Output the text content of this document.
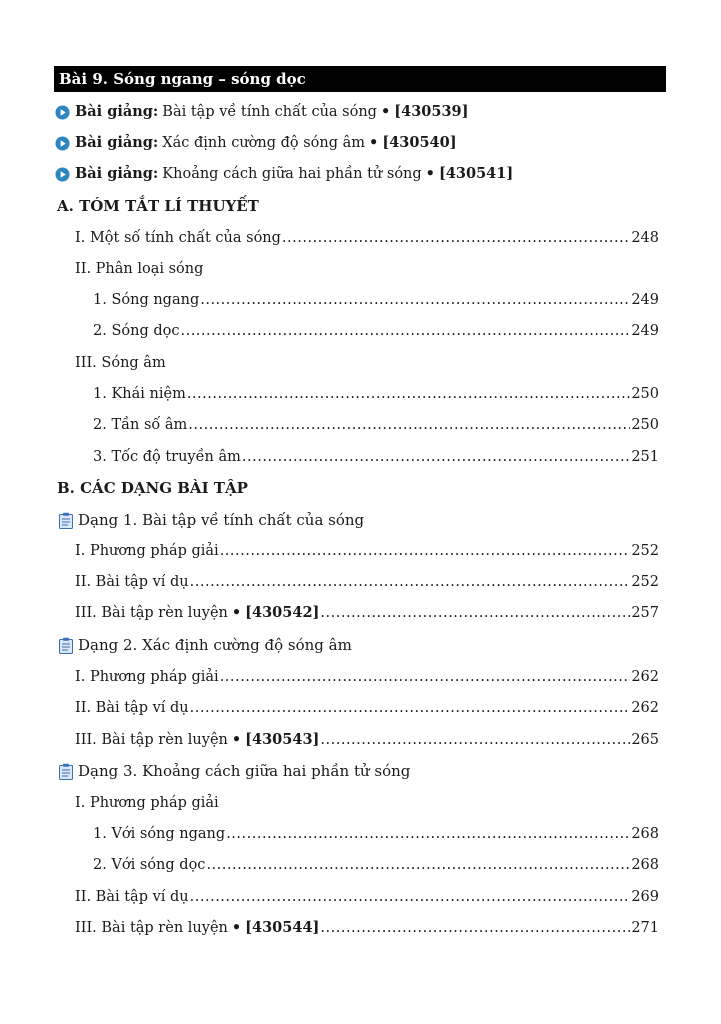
Bài 9. Sóng ngang – sóng dọc
Bài giảng: Bài tập về tính chất của sóng • [430539]
Bài giảng: Xác định cường độ sóng âm • [430540]
Bài giảng: Khoảng cách giữa hai phần tử sóng • [430541]
A. TÓM TẮT LÍ THUYẾT
I. Một số tính chất của sóng .....	248
II. Phân loại sóng
1. Sóng ngang .....	249
2. Sóng dọc .....	249
III. Sóng âm
1. Khái niệm .....	250
2. Tần số âm .....	250
3. Tốc độ truyền âm .....	251
B. CÁC DẠNG BÀI TẬP
Dạng 1. Bài tập về tính chất của sóng
I. Phương pháp giải .....	252
II. Bài tập ví dụ .....	252
III. Bài tập rèn luyện • [430542] .....	257
Dạng 2. Xác định cường độ sóng âm
I. Phương pháp giải .....	262
II. Bài tập ví dụ .....	262
III. Bài tập rèn luyện • [430543] .....	265
Dạng 3. Khoảng cách giữa hai phần tử sóng
I. Phương pháp giải
1. Với sóng ngang .....	268
2. Với sóng dọc .....	268
II. Bài tập ví dụ .....	269
III. Bài tập rèn luyện • [430544] .....	271
